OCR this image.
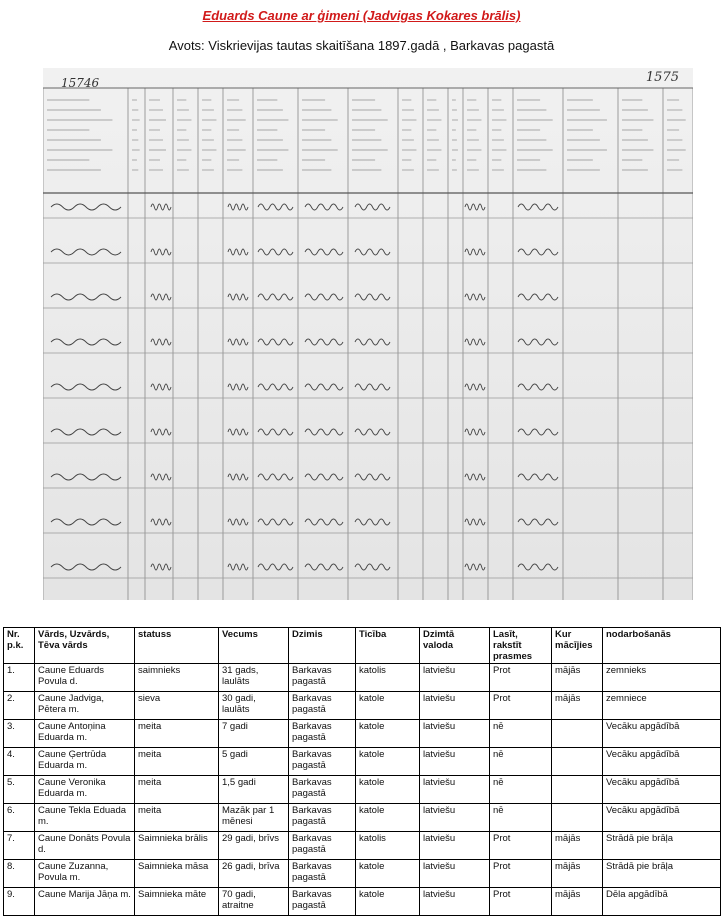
Eduards Caune ar ģimeni (Jadvigas Kokares brālis)
Avots: Viskrievijas tautas skaitīšana 1897.gadā , Barkavas pagastā
15746	1575
Nr. p.k.	Vārds, Uzvārds, Tēva vārds	statuss	Vecums	Dzimis	Ticība	Dzimtā valoda	Lasīt, rakstīt prasmes	Kur mācījies	nodarbošanās
1.	Caune Eduards Povula d.	saimnieks	31 gads, laulāts	Barkavas pagastā	katolis	latviešu	Prot	mājās	zemnieks
2.	Caune Jadviga, Pētera m.	sieva	30 gadi, laulāts	Barkavas pagastā	katole	latviešu	Prot	mājās	zemniece
3.	Caune Antoņina Eduarda m.	meita	7 gadi	Barkavas pagastā	katole	latviešu	nē		Vecāku apgādībā
4.	Caune Ģertrūda Eduarda m.	meita	5 gadi	Barkavas pagastā	katole	latviešu	nē		Vecāku apgādībā
5.	Caune Veronika Eduarda m.	meita	1,5 gadi	Barkavas pagastā	katole	latviešu	nē		Vecāku apgādībā
6.	Caune Tekla Eduada m.	meita	Mazāk par 1 mēnesi	Barkavas pagastā	katole	latviešu	nē		Vecāku apgādībā
7.	Caune Donāts Povula d.	Saimnieka brālis	29 gadi, brīvs	Barkavas pagastā	katolis	latviešu	Prot	mājās	Strādā pie brāļa
8.	Caune Zuzanna, Povula m.	Saimnieka māsa	26 gadi, brīva	Barkavas pagastā	katole	latviešu	Prot	mājās	Strādā pie brāļa
9.	Caune Marija Jāņa m.	Saimnieka māte	70 gadi, atraitne	Barkavas pagastā	katole	latviešu	Prot	mājās	Dēla apgādībā
